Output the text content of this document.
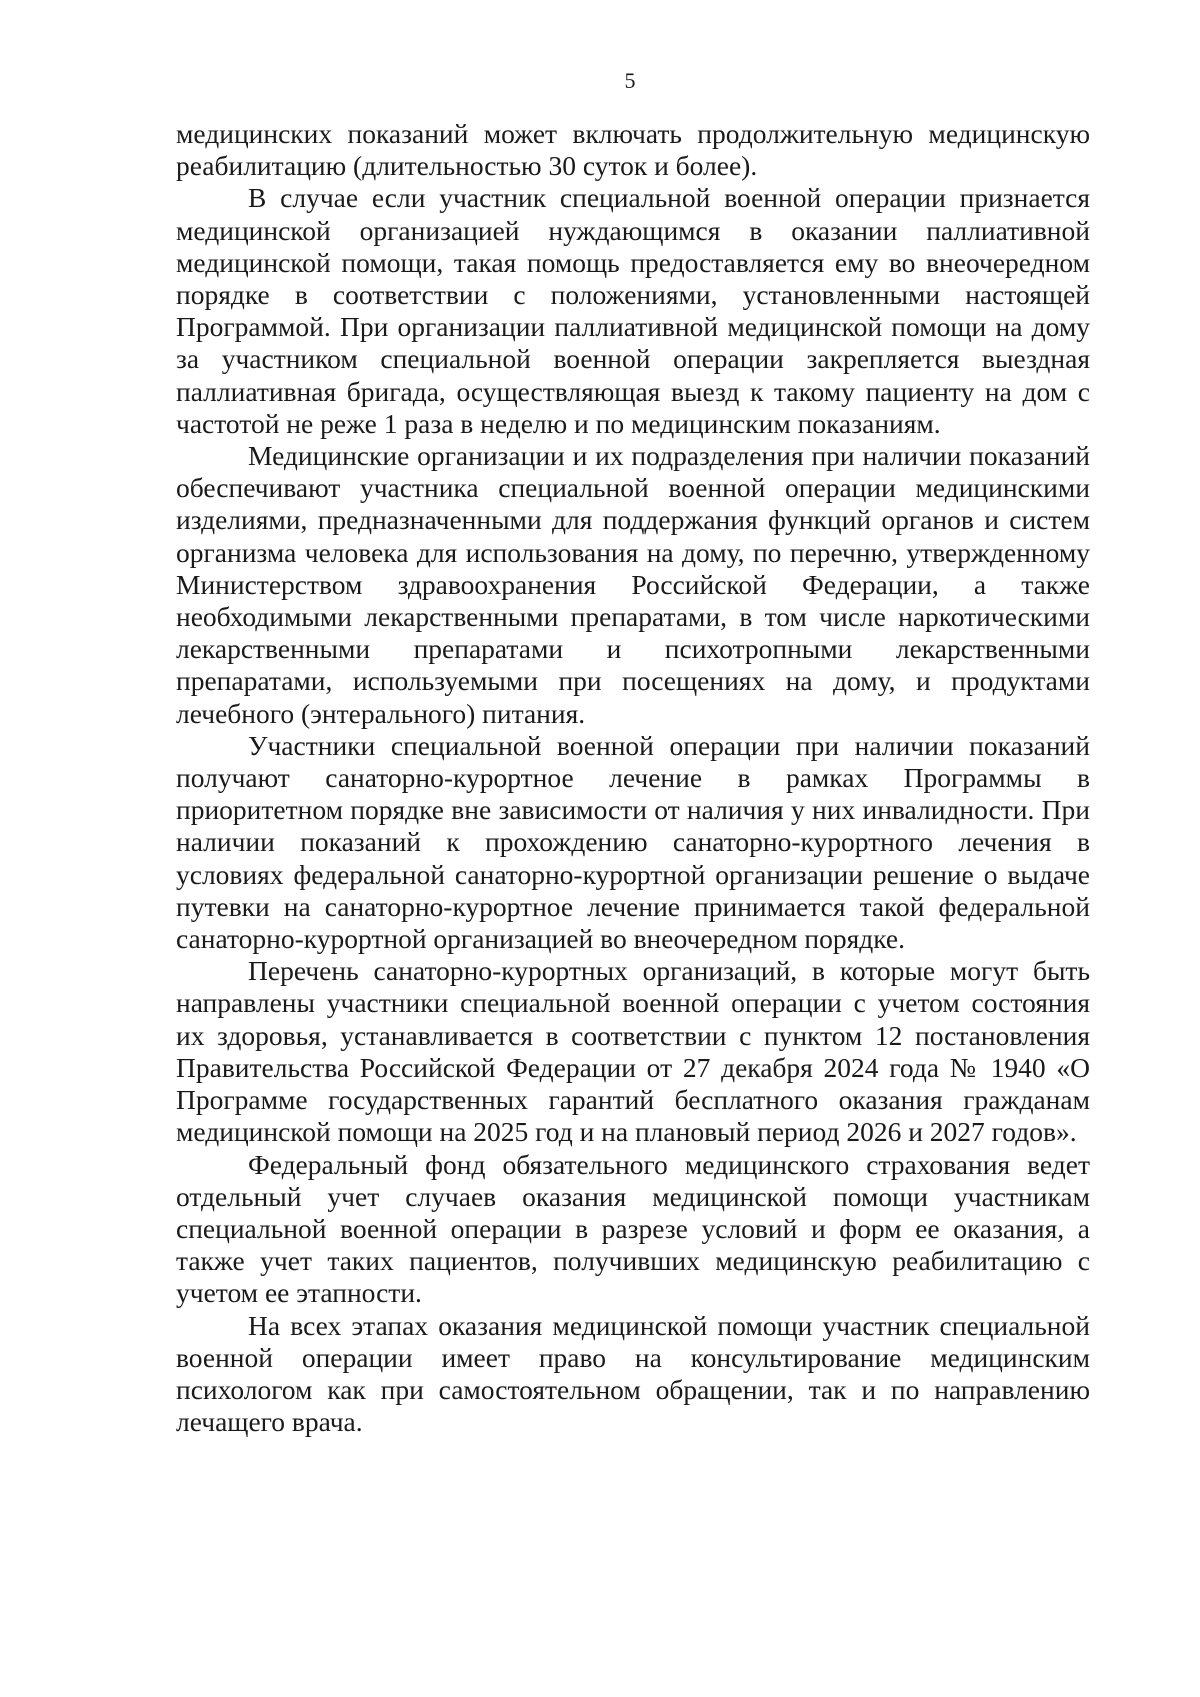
5

медицинских показаний может включать продолжительную медицинскую реабилитацию (длительностью 30 суток и более).

В случае если участник специальной военной операции признается медицинской организацией нуждающимся в оказании паллиативной медицинской помощи, такая помощь предоставляется ему во внеочередном порядке в соответствии с положениями, установленными настоящей Программой. При организации паллиативной медицинской помощи на дому за участником специальной военной операции закрепляется выездная паллиативная бригада, осуществляющая выезд к такому пациенту на дом с частотой не реже 1 раза в неделю и по медицинским показаниям.

Медицинские организации и их подразделения при наличии показаний обеспечивают участника специальной военной операции медицинскими изделиями, предназначенными для поддержания функций органов и систем организма человека для использования на дому, по перечню, утвержденному Министерством здравоохранения Российской Федерации, а также необходимыми лекарственными препаратами, в том числе наркотическими лекарственными препаратами и психотропными лекарственными препаратами, используемыми при посещениях на дому, и продуктами лечебного (энтерального) питания.

Участники специальной военной операции при наличии показаний получают санаторно-курортное лечение в рамках Программы в приоритетном порядке вне зависимости от наличия у них инвалидности. При наличии показаний к прохождению санаторно-курортного лечения в условиях федеральной санаторно-курортной организации решение о выдаче путевки на санаторно-курортное лечение принимается такой федеральной санаторно-курортной организацией во внеочередном порядке.

Перечень санаторно-курортных организаций, в которые могут быть направлены участники специальной военной операции с учетом состояния их здоровья, устанавливается в соответствии с пунктом 12 постановления Правительства Российской Федерации от 27 декабря 2024 года № 1940 «О Программе государственных гарантий бесплатного оказания гражданам медицинской помощи на 2025 год и на плановый период 2026 и 2027 годов».

Федеральный фонд обязательного медицинского страхования ведет отдельный учет случаев оказания медицинской помощи участникам специальной военной операции в разрезе условий и форм ее оказания, а также учет таких пациентов, получивших медицинскую реабилитацию с учетом ее этапности.

На всех этапах оказания медицинской помощи участник специальной военной операции имеет право на консультирование медицинским психологом как при самостоятельном обращении, так и по направлению лечащего врача.
